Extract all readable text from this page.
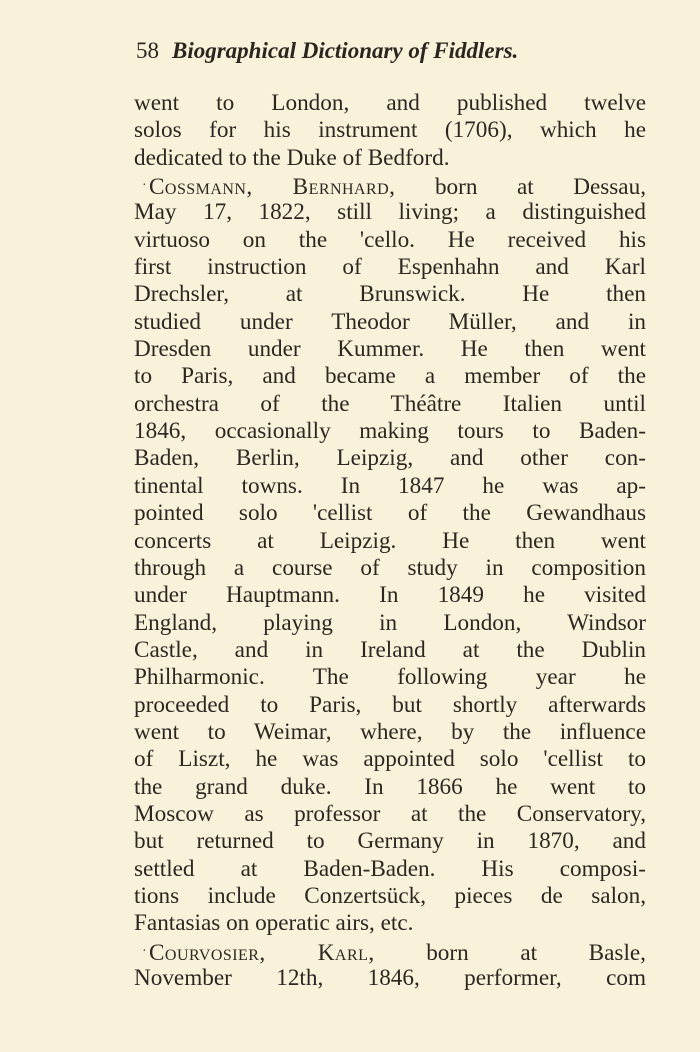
58 Biographical Dictionary of Fiddlers.
went to London, and published twelve
solos for his instrument (1706), which he
dedicated to the Duke of Bedford.
· Cossmann, Bernhard, born at Dessau,
May 17, 1822, still living; a distinguished
virtuoso on the 'cello. He received his
first instruction of Espenhahn and Karl
Drechsler, at Brunswick. He then
studied under Theodor Müller, and in
Dresden under Kummer. He then went
to Paris, and became a member of the
orchestra of the Théâtre Italien until
1846, occasionally making tours to Baden-
Baden, Berlin, Leipzig, and other con-
tinental towns. In 1847 he was ap-
pointed solo 'cellist of the Gewandhaus
concerts at Leipzig. He then went
through a course of study in composition
under Hauptmann. In 1849 he visited
England, playing in London, Windsor
Castle, and in Ireland at the Dublin
Philharmonic. The following year he
proceeded to Paris, but shortly afterwards
went to Weimar, where, by the influence
of Liszt, he was appointed solo 'cellist to
the grand duke. In 1866 he went to
Moscow as professor at the Conservatory,
but returned to Germany in 1870, and
settled at Baden-Baden. His composi-
tions include Conzertsück, pieces de salon,
Fantasias on operatic airs, etc.
· Courvosier, Karl, born at Basle,
November 12th, 1846, performer, com
